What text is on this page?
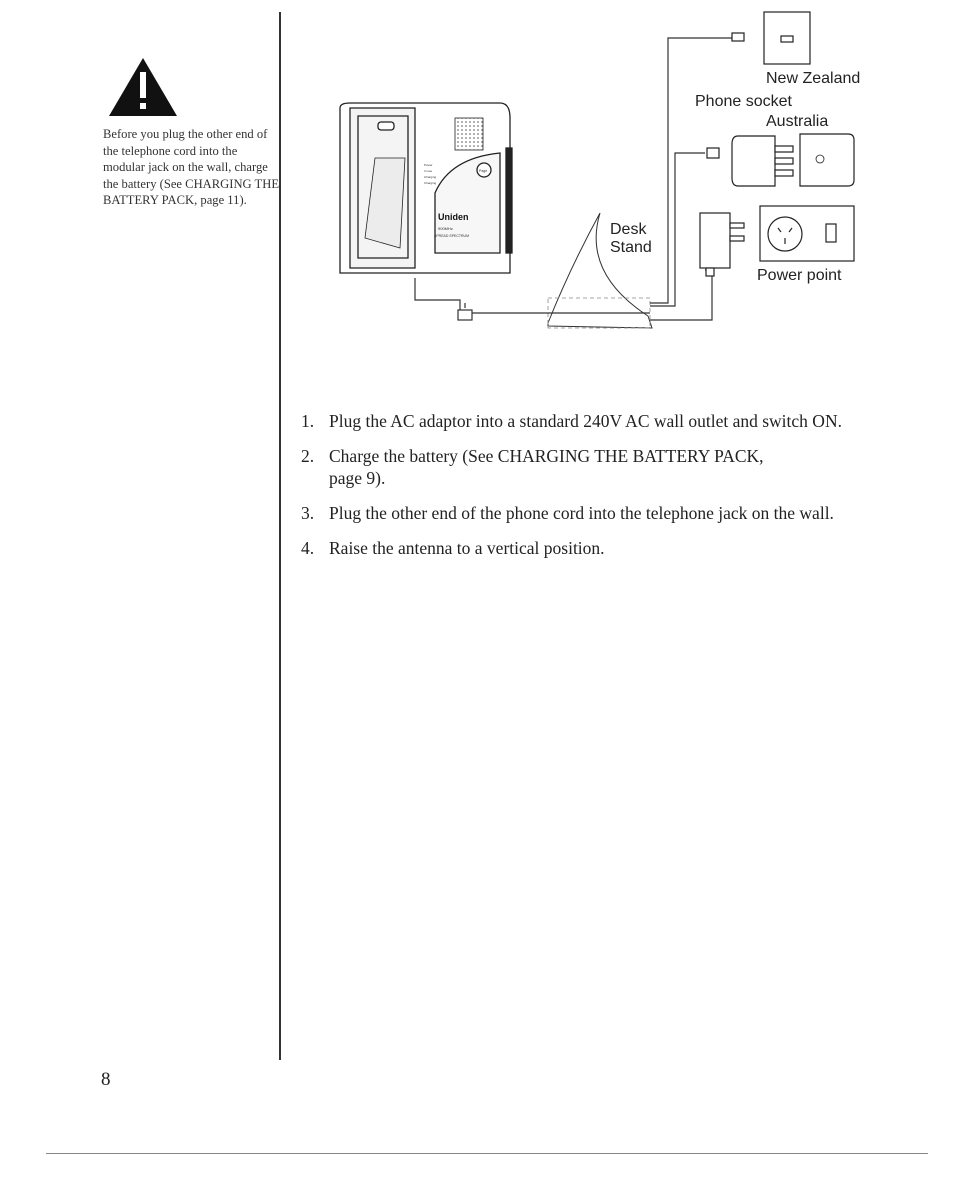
Before you plug the other end of the telephone cord into the modular jack on the wall, charge the battery (See CHARGING THE BATTERY PACK, page 11).
Uniden
900MHz
SPREAD SPECTRUM
Page
Power
In use
Charging
Charging
New Zealand
Phone socket
Australia
Power point
Desk
Stand
1. Plug the AC adaptor into a standard 240V AC wall outlet and switch ON.
2. Charge the battery (See CHARGING THE BATTERY PACK, page 9).
3. Plug the other end of the phone cord into the telephone jack on the wall.
4. Raise the antenna to a vertical position.
8
